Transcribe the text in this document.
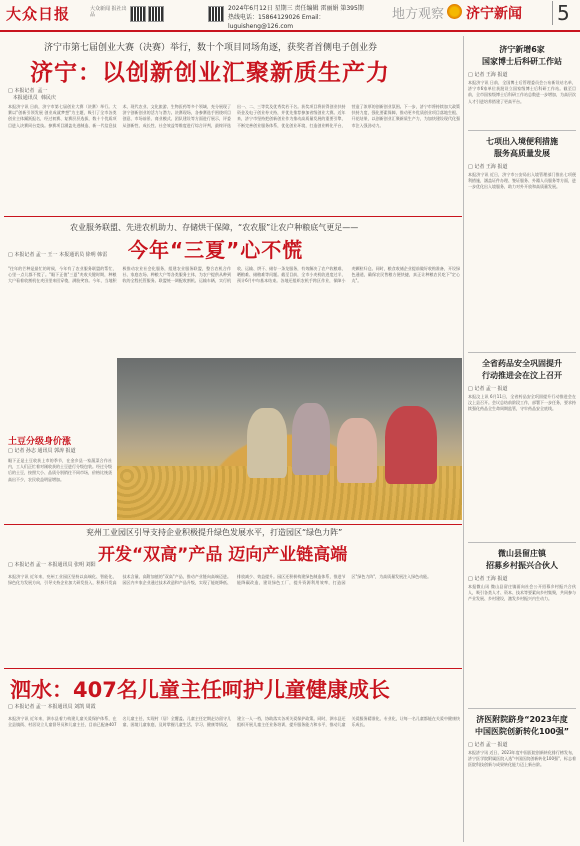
大众日报	大众新闻 报社出品
2024年6月12日 星期三 责任编辑 雷丽娟 第395期
热线电话：15864129026 Email：luguisheng@126.com
地方观察 济宁新闻 5
济宁市第七届创业大赛（决赛）举行，数十个项目同场角逐，获奖者首侧电子创业券
济宁：以创新创业汇聚新质生产力
□ 本报记者  孟一
本报通讯员  韩民庆
本报济宁讯 日前，济宁市第七届创业大赛（决赛）举行。大赛以"创新引领发展 创业成就梦想"为主题，吸引了全市各类创业主体踊跃报名，经过初赛、复赛层层选拔，数十个优质项目进入决赛同台竞技。参赛项目涵盖先进制造、新一代信息技术、现代农业、文化旅游、生物医药等多个领域，充分展现了济宁创新创业的活力与潜力。决赛现场，各参赛选手围绕项目创意、市场前景、商业模式、团队建设等方面进行展示，评委从创新性、成长性、社会效益等维度进行综合评判，最终评选出一、二、三等奖及优秀奖若干名。获奖项目将获得创业扶持资金及电子创业券支持，并优先推荐参加省级创业大赛。近年来，济宁市坚持把创新创业作为推动高质量发展的重要引擎，不断完善创业服务体系，优化创业环境，打造创业孵化平台，营造了浓厚的创新创业氛围。下一步，济宁市将持续加大政策扶持力度，强化要素保障，推动更多优质创业项目落地生根、开花结果，以创新创业汇聚新质生产力，为加快建设现代化强市注入强劲动力。
农业服务联盟、先进农机助力、存储烘干保障，“农农服”让农户种粮底气更足——
今年“三夏”心不慌
□ 本报记者 孟一 王一 本报通讯员 徐明 韩雷
"往年的芒种是最忙的时候，今年有了农业服务联盟的帮忙，心里一点儿都不慌了。"眼下正值"三夏"麦收关键时期，种粮大户看着收割机在麦田里来回穿梭，满脸笑容。今年，当地积极推动农业社会化服务，组建农业服务联盟，整合农机合作社、家庭农场、种粮大户等各类服务主体，为农户提供从种到收的全程托管服务。联盟统一调配收割机、运输车辆，实行机收、运输、烘干、储存一条龙服务，有效解决了农户收粮难、晒粮难、储粮难等问题。截至目前，全市小麦机收进度过半，预计6月中旬基本结束。各地还组织农机手跨区作业，保障小麦颗粒归仓。同时，粮食收储企业提前做好收购准备，开设绿色通道，确保农民售粮方便快捷，真正让种粮农民吃下"定心丸"。
土豆分级身价涨
□ 记者 孙志 通讯员 郭涛 报道
眼下正是土豆收获上市的季节，在金乡县一家蔬菜合作社内，工人们正忙着对刚收获的土豆进行分级包装。经过分级后的土豆，按照大小、品质分别销往不同市场，价格比统货高出不少，农民收益明显增加。
兖州工业园区引导支持企业积极提升绿色发展水平，打造园区“绿色力阵”
开发“双高”产品 迈向产业链高端
□ 本报记者 孟一 本报通讯员 张明 刘阳
本报济宁讯 近年来，兖州工业园区坚持以高端化、智能化、绿色化为发展方向，引导支持企业加大研发投入，积极开发高技术含量、高附加值的"双高"产品，推动产业链向高端迈进。园区内多家企业通过技术改造和产品升级，实现了能耗降低、排放减少、效益提升。园区还积极构建绿色制造体系，推进节能降碳改造，建设绿色工厂，提升资源利用效率，打造园区"绿色力阵"，为高质量发展注入绿色动能。
泗水：407名儿童主任呵护儿童健康成长
□ 本报记者 孟一 本报通讯员 刘凯 周霞
本报济宁讯 近年来，泗水县着力构建儿童关爱保护体系，在全县镇街、村居设立儿童督导员和儿童主任，目前已配备407名儿童主任，实现村（居）全覆盖。儿童主任定期走访留守儿童、困境儿童家庭，及时掌握儿童生活、学习、健康等情况，建立一人一档，协助落实各项关爱保护政策。同时，泗水县还组织开展儿童主任业务培训，提升服务能力和水平，推动儿童关爱服务精准化、专业化，让每一名儿童都能在关爱中健康快乐成长。
济宁新增6家
国家博士后科研工作站
□ 记者 王海 报道
本报济宁讯 日前，全国博士后管理委员会公布新设站名单，济宁市6家单位获批设立国家级博士后科研工作站。截至目前，全市国家级博士后科研工作站总数进一步增加，为高层次人才引进培养搭建了更高平台。
七项出入境便利措施
服务高质量发展
□ 记者 王海 报道
本报济宁讯 近日，济宁市公安局出入境管理部门推出七项便利措施，涵盖证件办理、签证服务、外籍人员服务等方面，进一步优化出入境服务，助力对外开放和高质量发展。
全省药品安全巩固提升
行动推进会在汶上召开
□ 记者 孟一 报道
本报汶上讯 6月11日，全省药品安全巩固提升行动推进会在汶上县召开。会议总结前阶段工作，部署下一步任务，要求持续强化药品全生命周期监管，守牢药品安全底线。
微山县留庄镇
招募乡村振兴合伙人
□ 记者 王海 报道
本报微山讯 微山县留庄镇面向社会公开招募乡村振兴合伙人，吸引各类人才、资本、技术等要素向乡村集聚，共同参与产业发展、乡村建设，激发乡村振兴内生动力。
济医附院跻身“2023年度
中国医院创新转化100强”
□ 记者 孟一 报道
本报济宁讯 近日，2023年度中国医院创新转化排行榜发布，济宁医学院附属医院入选"中国医院创新转化100强"，标志着医院科技创新与成果转化能力迈上新台阶。
